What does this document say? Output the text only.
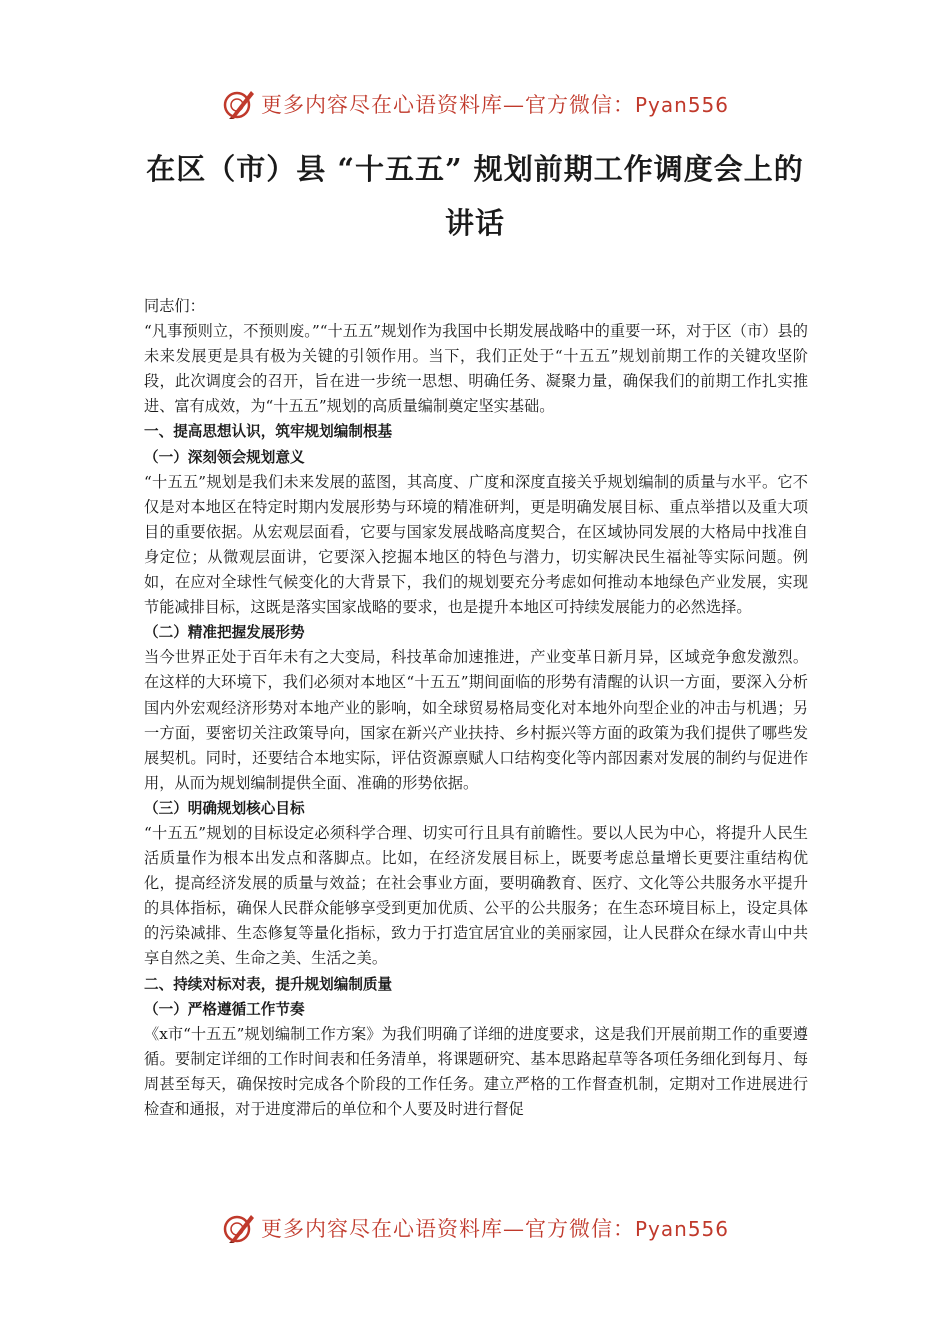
更多内容尽在心语资料库—官方微信：Pyan556
在区（市）县 “十五五” 规划前期工作调度会上的
讲话

同志们：

“凡事预则立，不预则废。”“十五五”规划作为我国中长期发展战略中的重要一环，对于区（市）县的未来发展更是具有极为关键的引领作用。当下，我们正处于“十五五”规划前期工作的关键攻坚阶段，此次调度会的召开，旨在进一步统一思想、明确任务、凝聚力量，确保我们的前期工作扎实推进、富有成效，为“十五五”规划的高质量编制奠定坚实基础。

一、提高思想认识，筑牢规划编制根基

（一）深刻领会规划意义

“十五五”规划是我们未来发展的蓝图，其高度、广度和深度直接关乎规划编制的质量与水平。它不仅是对本地区在特定时期内发展形势与环境的精准研判，更是明确发展目标、重点举措以及重大项目的重要依据。从宏观层面看，它要与国家发展战略高度契合，在区域协同发展的大格局中找准自身定位；从微观层面讲，它要深入挖掘本地区的特色与潜力，切实解决民生福祉等实际问题。例如，在应对全球性气候变化的大背景下，我们的规划要充分考虑如何推动本地绿色产业发展，实现节能减排目标，这既是落实国家战略的要求，也是提升本地区可持续发展能力的必然选择。

（二）精准把握发展形势

当今世界正处于百年未有之大变局，科技革命加速推进，产业变革日新月异，区域竞争愈发激烈。在这样的大环境下，我们必须对本地区“十五五”期间面临的形势有清醒的认识一方面，要深入分析国内外宏观经济形势对本地产业的影响，如全球贸易格局变化对本地外向型企业的冲击与机遇；另一方面，要密切关注政策导向，国家在新兴产业扶持、乡村振兴等方面的政策为我们提供了哪些发展契机。同时，还要结合本地实际，评估资源禀赋人口结构变化等内部因素对发展的制约与促进作用，从而为规划编制提供全面、准确的形势依据。

（三）明确规划核心目标

“十五五”规划的目标设定必须科学合理、切实可行且具有前瞻性。要以人民为中心，将提升人民生活质量作为根本出发点和落脚点。比如，在经济发展目标上，既要考虑总量增长更要注重结构优化，提高经济发展的质量与效益；在社会事业方面，要明确教育、医疗、文化等公共服务水平提升的具体指标，确保人民群众能够享受到更加优质、公平的公共服务；在生态环境目标上，设定具体的污染减排、生态修复等量化指标，致力于打造宜居宜业的美丽家园，让人民群众在绿水青山中共享自然之美、生命之美、生活之美。

二、持续对标对表，提升规划编制质量

（一）严格遵循工作节奏

《x市“十五五”规划编制工作方案》为我们明确了详细的进度要求，这是我们开展前期工作的重要遵循。要制定详细的工作时间表和任务清单，将课题研究、基本思路起草等各项任务细化到每月、每周甚至每天，确保按时完成各个阶段的工作任务。建立严格的工作督查机制，定期对工作进展进行检查和通报，对于进度滞后的单位和个人要及时进行督促

更多内容尽在心语资料库—官方微信：Pyan556
